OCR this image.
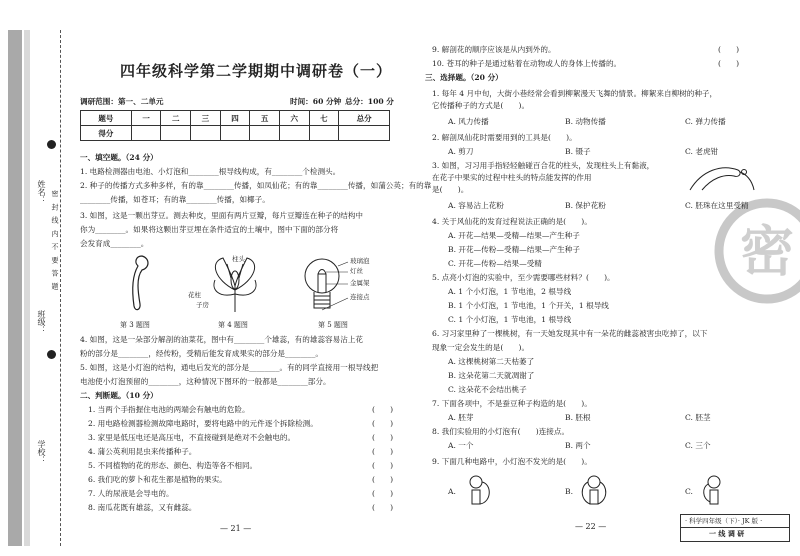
姓名：
班级：
学校：
密 封 线 内 不 要 答 题
四年级科学第二学期期中调研卷（一）
调研范围：第一、二单元	时间：60 分钟 总分：100 分
题号	一	二	三	四	五	六	七	总分
得分								
一、填空题。（24 分）
1. 电路检测器由电池、小灯泡和________根导线构成，有________个检测头。
2. 种子的传播方式多种多样，有的靠________传播，如凤仙花；有的靠________传播，如蒲公英；有的靠
________传播，如苍耳；有的靠________传播，如椰子。
3. 如图，这是一颗出芽豆。测去种皮，里面有两片豆瓣，每片豆瓣连在种子的结构中
你为________。如果将这颗出芽豆埋在条件适宜的土壤中，图中下面的部分将
会发育成________。
柱头
花柱
子房
玻璃泡
灯丝
金属架
连接点
第 3 题图	第 4 题图	第 5 题图
4. 如图，这是一朵部分解剖的油菜花，图中有________个雄蕊，有的雄蕊容易沾上花
粉的部分是________，经传粉，受精后能发育成果实的部分是________。
5. 如图，这是小灯泡的结构，通电后发光的部分是________。有的同学直接用一根导线把
电池使小灯泡预留的________，这种情况下图环的一般都是________部分。
二、判断题。（10 分）
1. 当两个手指握住电池的两端会有触电的危险。
2. 用电路检测器检测故障电路时，要将电路中的元件逐个拆除检测。
3. 家里是低压电还是高压电，不直接碰到是绝对不会触电的。
4. 蒲公英利用昆虫来传播种子。
5. 不同植物的花的形态、颜色、构造等各不相同。
6. 我们吃的萝卜和花生都是植物的果实。
7. 人的尿液是会导电的。
8. 南瓜花既有雄蕊，又有雌蕊。
(　　)
(　　)
(　　)
(　　)
(　　)
(　　)
(　　)
(　　)
— 21 —
密
9. 解剖花的顺序应该是从内到外的。
10. 苍耳的种子是通过粘着在动物或人的身体上传播的。
(　　)
(　　)
三、选择题。（20 分）
1. 每年 4 月中旬，大街小巷经常会看到柳絮漫天飞舞的情景。柳絮来自柳树的种子，
它传播种子的方式是(　　)。
A. 风力传播	B. 动物传播	C. 弹力传播
2. 解剖凤仙花时需要用到的工具是(　　)。
A. 剪刀	B. 镊子	C. 老虎钳
3. 如图，习习用手指轻轻触碰百合花的柱头，发现柱头上有黏液，
在花子中果实的过程中柱头的特点能发挥的作用
是(　　)。
A. 容易沾上花粉	B. 保护花粉	C. 胚珠在这里受精
4. 关于风仙花的发育过程说法正确的是(　　)。
A. 开花—结果—受精—结果—产生种子
B. 开花—传粉—受精—结果—产生种子
C. 开花—传粉—结果—受精
5. 点亮小灯泡的实验中，至少需要哪些材料？(　　)。
A. 1 个小灯泡，1 节电池，2 根导线
B. 1 个小灯泡，1 节电池，1 个开关，1 根导线
C. 1 个小灯泡，1 节电池，1 根导线
6. 习习家里种了一棵桃树，有一天她发现其中有一朵花的雌蕊被害虫吃掉了，以下
现象一定会发生的是(　　)。
A. 这棵桃树第二天枯萎了
B. 这朵花第二天就凋谢了
C. 这朵花不会结出桃子
7. 下面各项中，不是蚕豆种子构造的是(　　)。
A. 胚芽	B. 胚根	C. 胚茎
8. 我们实验用的小灯泡有(　　)连接点。
A. 一个	B. 两个	C. 三个
9. 下面几种电路中，小灯泡不发光的是(　　)。
A.	B.	C.
— 22 —
· 科学四年级（下）· JK 版 ·
一 线 调 研
